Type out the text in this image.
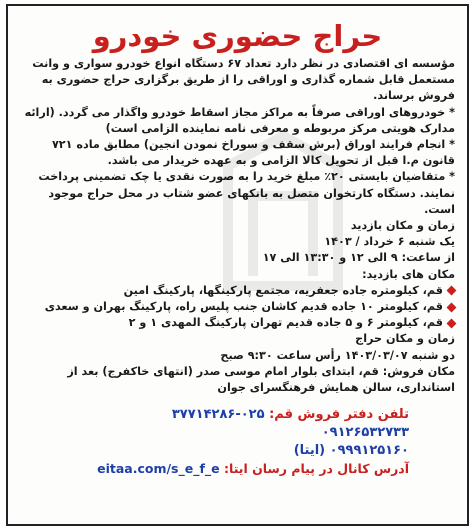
حراج حضوری خودرو

مؤسسه ای اقتصادی در نظر دارد تعداد ۶۷ دستگاه انواع خودرو سواری و وانت مستعمل قابل شماره گذاری و اوراقی را از طریق برگزاری حراج حضوری به فروش برساند.

* خودروهای اوراقی صرفاً به مراکز مجاز اسقاط خودرو واگذار می گردد. (ارائه مدارک هویتی مرکز مربوطه و معرفی نامه نماینده الزامی است)

* انجام فرایند اوراق (برش سقف و سوراخ نمودن انجین) مطابق ماده ۷۲۱ قانون م.ا قبل از تحویل کالا الزامی و به عهده خریدار می باشد.

* متقاضیان بایستی ۲۰٪ مبلغ خرید را به صورت نقدی یا چک تضمینی پرداخت نمایند. دستگاه کارتخوان متصل به بانکهای عضو شتاب در محل حراج موجود است.

زمان و مکان بازدید

یک شنبه ۶ خرداد / ۱۴۰۳

از ساعت: ۹ الی ۱۲ و ۱۳:۳۰ الی ۱۷

مکان های بازدید:

قم، کیلومتره جاده جعفریه، مجتمع پارکینگها، پارکینگ امین

قم، کیلومتر ۱۰ جاده قدیم کاشان جنب پلیس راه، پارکینگ بهران و سعدی

قم، کیلومتر ۶ و ۵ جاده قدیم تهران پارکینگ المهدی ۱ و ۲

زمان و مکان حراج

دو شنبه ۱۴۰۳/۰۳/۰۷ رأس ساعت ۹:۳۰ صبح

مکان فروش: قم، ابتدای بلوار امام موسی صدر (انتهای خاکفرج) بعد از استانداری، سالن همایش فرهنگسرای جوان

تلفن دفتر فروش قم: ۰۲۵-۳۷۷۱۴۲۸۶
۰۹۱۲۶۵۳۲۷۳۳
۰۹۹۹۱۲۵۱۶۰ (ایتا)
آدرس کانال در پیام رسان ایتا: eitaa.com/s_e_f_e
